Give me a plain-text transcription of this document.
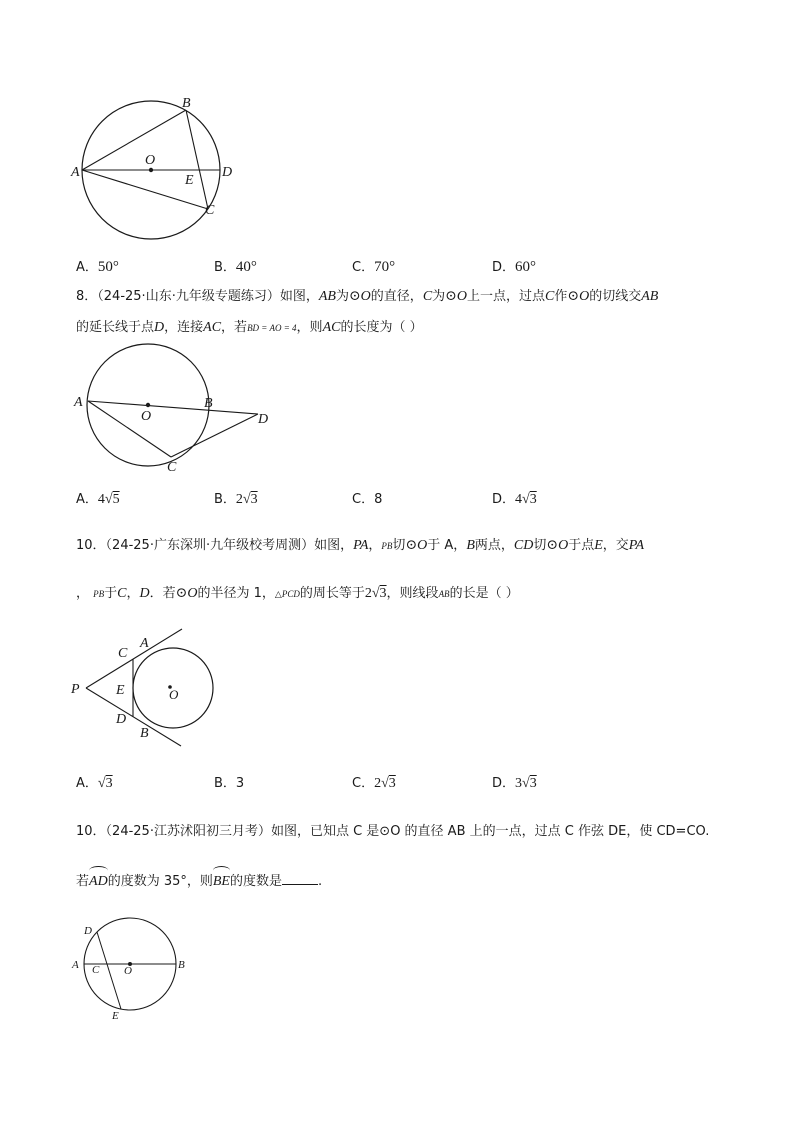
A
B
O
D
E
C
A．50°	B．40°	C．70°	D．60°
8．（24-25·山东·九年级专题练习）如图，AB为⊙O的直径，C为⊙O上一点，过点C作⊙O的切线交AB
的延长线于点D，连接AC，若BD = AO = 4，则AC的长度为（ ）
A
O
B
D
C
A．4√5	B．2√3	C．8	D．4√3
10．（24-25·广东深圳·九年级校考周测）如图，PA，PB切⊙O于 A，B两点，CD切⊙O于点E，交PA
， PB于C，D．若⊙O的半径为 1，△PCD的周长等于2√3，则线段AB的长是（ ）
C
A
P	E	O
D
B
A．√3	B．3	C．2√3	D．3√3
10．（24-25·江苏沭阳初三月考）如图，已知点 C 是⊙O 的直径 AB 上的一点，过点 C 作弦 DE，使 CD=CO.
若AD的度数为 35°，则BE的度数是	.
D
A C O	B
E
